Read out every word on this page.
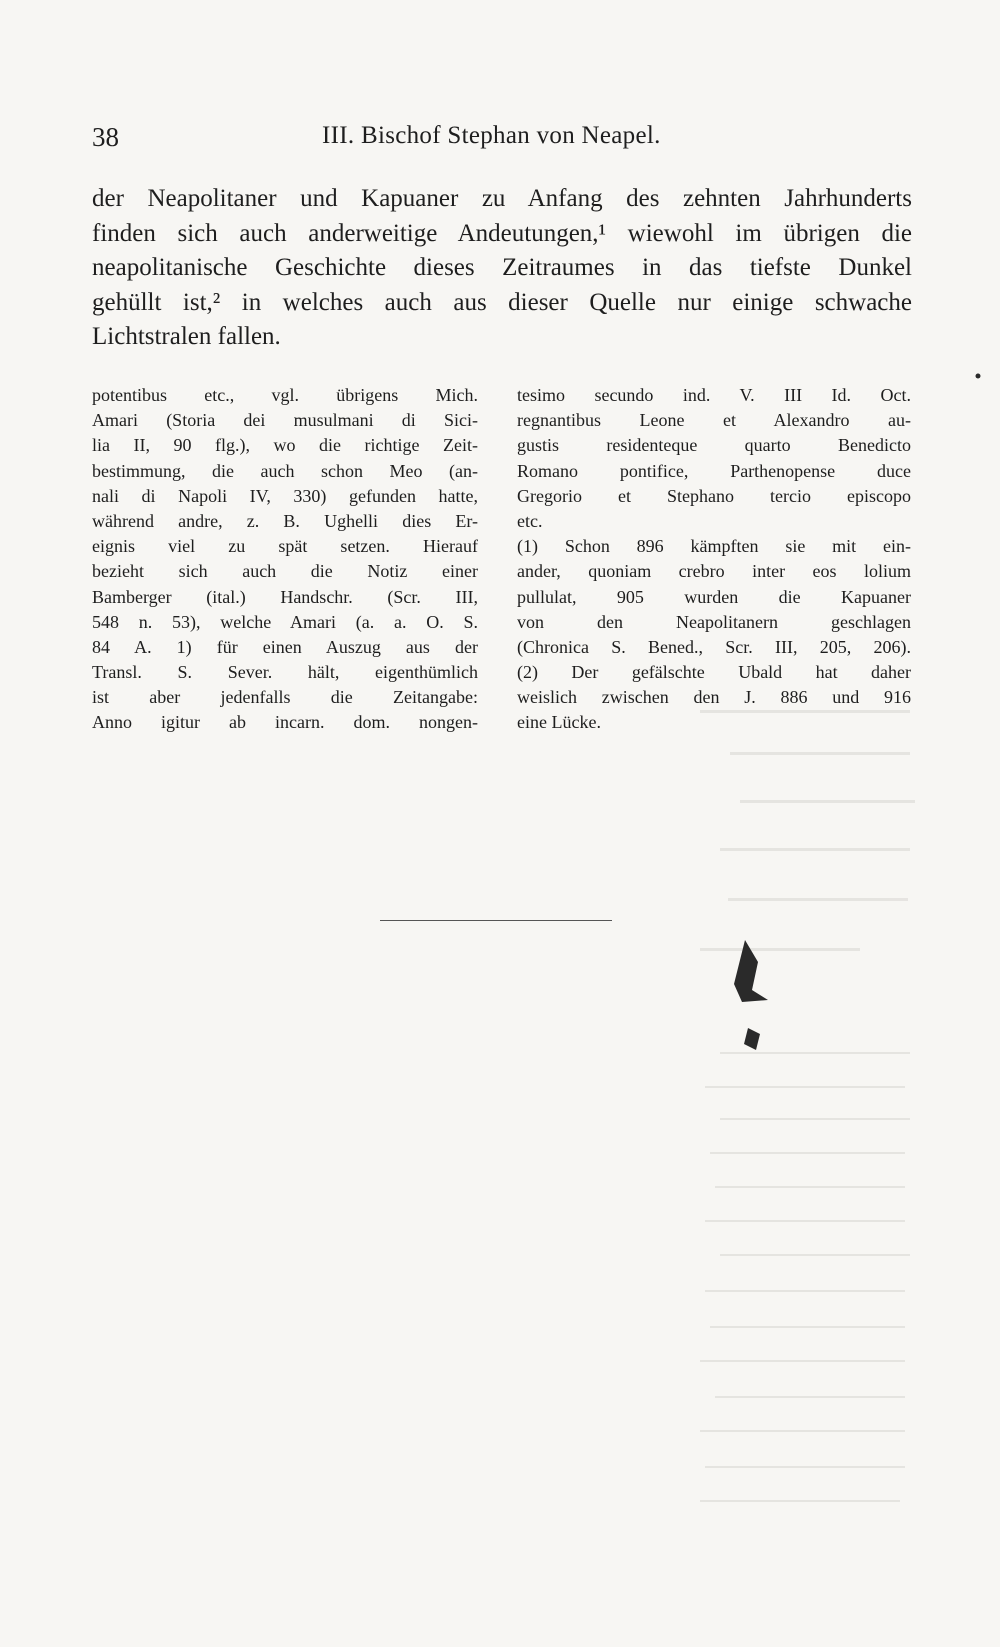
38	III. Bischof Stephan von Neapel.
der Neapolitaner und Kapuaner zu Anfang des zehnten Jahrhunderts
finden sich auch anderweitige Andeutungen,¹ wiewohl im übrigen die
neapolitanische Geschichte dieses Zeitraumes in das tiefste Dunkel
gehüllt ist,² in welches auch aus dieser Quelle nur einige schwache
Lichtstralen fallen.
potentibus etc., vgl. übrigens Mich.
Amari (Storia dei musulmani di Sici-
lia II, 90 flg.), wo die richtige Zeit-
bestimmung, die auch schon Meo (an-
nali di Napoli IV, 330) gefunden hatte,
während andre, z. B. Ughelli dies Er-
eignis viel zu spät setzen. Hierauf
bezieht sich auch die Notiz einer
Bamberger (ital.) Handschr. (Scr. III,
548 n. 53), welche Amari (a. a. O. S.
84 A. 1) für einen Auszug aus der
Transl. S. Sever. hält, eigenthümlich
ist aber jedenfalls die Zeitangabe:
Anno igitur ab incarn. dom. nongen-
tesimo secundo ind. V. III Id. Oct.
regnantibus Leone et Alexandro au-
gustis residenteque quarto Benedicto
Romano pontifice, Parthenopense duce
Gregorio et Stephano tercio episcopo
etc.
(1) Schon 896 kämpften sie mit ein-
ander, quoniam crebro inter eos lolium
pullulat, 905 wurden die Kapuaner
von den Neapolitanern geschlagen
(Chronica S. Bened., Scr. III, 205, 206).
(2) Der gefälschte Ubald hat daher
weislich zwischen den J. 886 und 916
eine Lücke.
